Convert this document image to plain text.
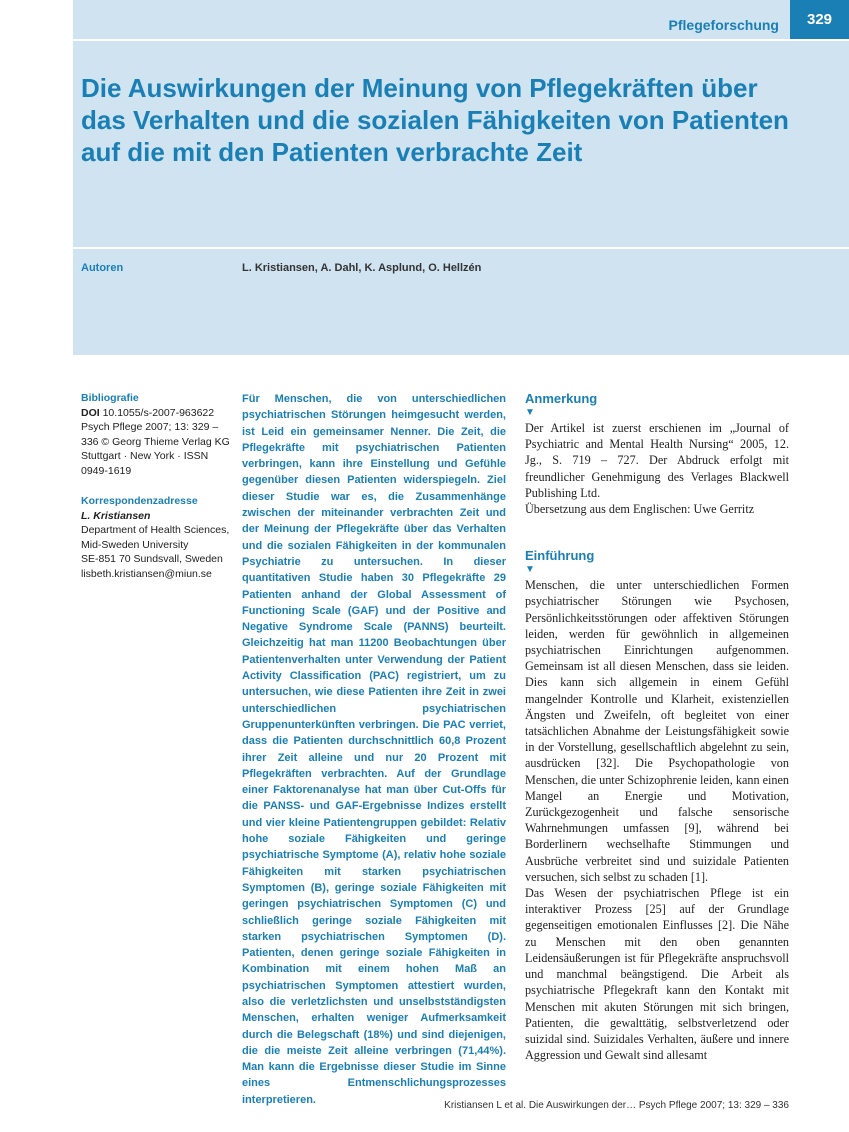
Pflegeforschung	329
Die Auswirkungen der Meinung von Pflegekräften über das Verhalten und die sozialen Fähigkeiten von Patienten auf die mit den Patienten verbrachte Zeit
Autoren	L. Kristiansen, A. Dahl, K. Asplund, O. Hellzén
Bibliografie
DOI 10.1055/s-2007-963622
Psych Pflege 2007; 13: 329 – 336 © Georg Thieme Verlag KG Stuttgart · New York · ISSN 0949-1619
Korrespondenzadresse
L. Kristiansen
Department of Health Sciences,
Mid-Sweden University
SE-851 70 Sundsvall, Sweden
lisbeth.kristiansen@miun.se

Für Menschen, die von unterschiedlichen psychiatrischen Störungen heimgesucht werden, ist Leid ein gemeinsamer Nenner. Die Zeit, die Pflegekräfte mit psychiatrischen Patienten verbringen, kann ihre Einstellung und Gefühle gegenüber diesen Patienten widerspiegeln. Ziel dieser Studie war es, die Zusammenhänge zwischen der miteinander verbrachten Zeit und der Meinung der Pflegekräfte über das Verhalten und die sozialen Fähigkeiten in der kommunalen Psychiatrie zu untersuchen. In dieser quantitativen Studie haben 30 Pflegekräfte 29 Patienten anhand der Global Assessment of Functioning Scale (GAF) und der Positive and Negative Syndrome Scale (PANNS) beurteilt. Gleichzeitig hat man 11200 Beobachtungen über Patientenverhalten unter Verwendung der Patient Activity Classification (PAC) registriert, um zu untersuchen, wie diese Patienten ihre Zeit in zwei unterschiedlichen psychiatrischen Gruppenunterkünften verbringen. Die PAC verriet, dass die Patienten durchschnittlich 60,8 Prozent ihrer Zeit alleine und nur 20 Prozent mit Pflegekräften verbrachten. Auf der Grundlage einer Faktorenanalyse hat man über Cut-Offs für die PANSS- und GAF-Ergebnisse Indizes erstellt und vier kleine Patientengruppen gebildet: Relativ hohe soziale Fähigkeiten und geringe psychiatrische Symptome (A), relativ hohe soziale Fähigkeiten mit starken psychiatrischen Symptomen (B), geringe soziale Fähigkeiten mit geringen psychiatrischen Symptomen (C) und schließlich geringe soziale Fähigkeiten mit starken psychiatrischen Symptomen (D). Patienten, denen geringe soziale Fähigkeiten in Kombination mit einem hohen Maß an psychiatrischen Symptomen attestiert wurden, also die verletzlichsten und unselbstständigsten Menschen, erhalten weniger Aufmerksamkeit durch die Belegschaft (18%) und sind diejenigen, die die meiste Zeit alleine verbringen (71,44%). Man kann die Ergebnisse dieser Studie im Sinne eines Entmenschlichungsprozesses interpretieren.

Anmerkung
▼

Der Artikel ist zuerst erschienen im „Journal of Psychiatric and Mental Health Nursing“ 2005, 12. Jg., S. 719 – 727. Der Abdruck erfolgt mit freundlicher Genehmigung des Verlages Blackwell Publishing Ltd.

Übersetzung aus dem Englischen: Uwe Gerritz

Einführung
▼

Menschen, die unter unterschiedlichen Formen psychiatrischer Störungen wie Psychosen, Persönlichkeitsstörungen oder affektiven Störungen leiden, werden für gewöhnlich in allgemeinen psychiatrischen Einrichtungen aufgenommen. Gemeinsam ist all diesen Menschen, dass sie leiden. Dies kann sich allgemein in einem Gefühl mangelnder Kontrolle und Klarheit, existenziellen Ängsten und Zweifeln, oft begleitet von einer tatsächlichen Abnahme der Leistungsfähigkeit sowie in der Vorstellung, gesellschaftlich abgelehnt zu sein, ausdrücken [32]. Die Psychopathologie von Menschen, die unter Schizophrenie leiden, kann einen Mangel an Energie und Motivation, Zurückgezogenheit und falsche sensorische Wahrnehmungen umfassen [9], während bei Borderlinern wechselhafte Stimmungen und Ausbrüche verbreitet sind und suizidale Patienten versuchen, sich selbst zu schaden [1].

Das Wesen der psychiatrischen Pflege ist ein interaktiver Prozess [25] auf der Grundlage gegenseitigen emotionalen Einflusses [2]. Die Nähe zu Menschen mit den oben genannten Leidensäußerungen ist für Pflegekräfte anspruchsvoll und manchmal beängstigend. Die Arbeit als psychiatrische Pflegekraft kann den Kontakt mit Menschen mit akuten Störungen mit sich bringen, Patienten, die gewalttätig, selbstverletzend oder suizidal sind. Suizidales Verhalten, äußere und innere Aggression und Gewalt sind allesamt

Kristiansen L et al. Die Auswirkungen der… Psych Pflege 2007; 13: 329 – 336
